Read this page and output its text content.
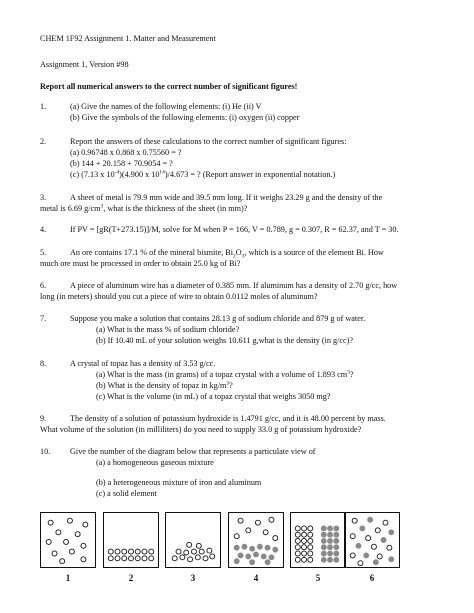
CHEM 1F92 Assignment 1. Matter and Measurement
Assignment 1, Version #98
Report all numerical answers to the correct number of significant figures!
1.	(a) Give the names of the following elements: (i) He (ii) V
(b) Give the symbols of the following elements: (i) oxygen (ii) copper
2.	Report the answers of these calculations to the correct number of significant figures:
(a) 0.96748 x 0.868 x 0.75560 = ?
(b) 144 + 20.158 + 70.9054 = ?
(c) (7.13 x $10^{-4})(4.900$ x $10^{14})/4.673$ = ? (Report answer in exponential notation.)
3.	A sheet of metal is 79.9 mm wide and 39.5 mm long. If it weighs 23.29 g and the density of the
metal is 6.69 $g/cm^3$, what is the thickness of the sheet (in mm)?
4.	If PV = [gR(T+273.15)]/M, solve for M when P = 166, V = 0.789, g = 0.307, R = 62.37, and T = 30.
5.	An ore contains 17.1 % of the mineral bismite, $Bi_2O_3$, which is a source of the element Bi. How
much ore must be processed in order to obtain 25.0 kg of Bi?
6.	A piece of aluminum wire has a diameter of 0.385 mm. If aluminum has a density of 2.70 g/cc, how
long (in meters) should you cut a piece of wire to obtain 0.0112 moles of aluminum?
7.	Suppose you make a solution that contains 28.13 g of sodium chloride and 879 g of water.
(a) What is the mass % of sodium chloride?
(b) If 10.40 mL of your solution weighs 10.611 g,what is the density (in g/cc)?
8.	A crystal of topaz has a density of 3.53 g/cc.
(a) What is the mass (in grams) of a topaz crystal with a volume of 1.893 $cm^3$?
(b) What is the density of topaz in $kg/m^3$?
(c) What is the volume (in mL) of a topaz crystal that weighs 3050 mg?
9.	The density of a solution of potassium hydroxide is 1.4791 g/cc, and it is 48.00 percent by mass.
What volume of the solution (in milliliters) do you need to supply 33.0 g of potassium hydroxide?
10. Give the number of the diagram below that represents a particulate view of
(a) a homogeneous gaseous mixture
(b) a heterogeneous mixture of iron and aluminum
(c) a solid element
1	2	3	4	5	6
